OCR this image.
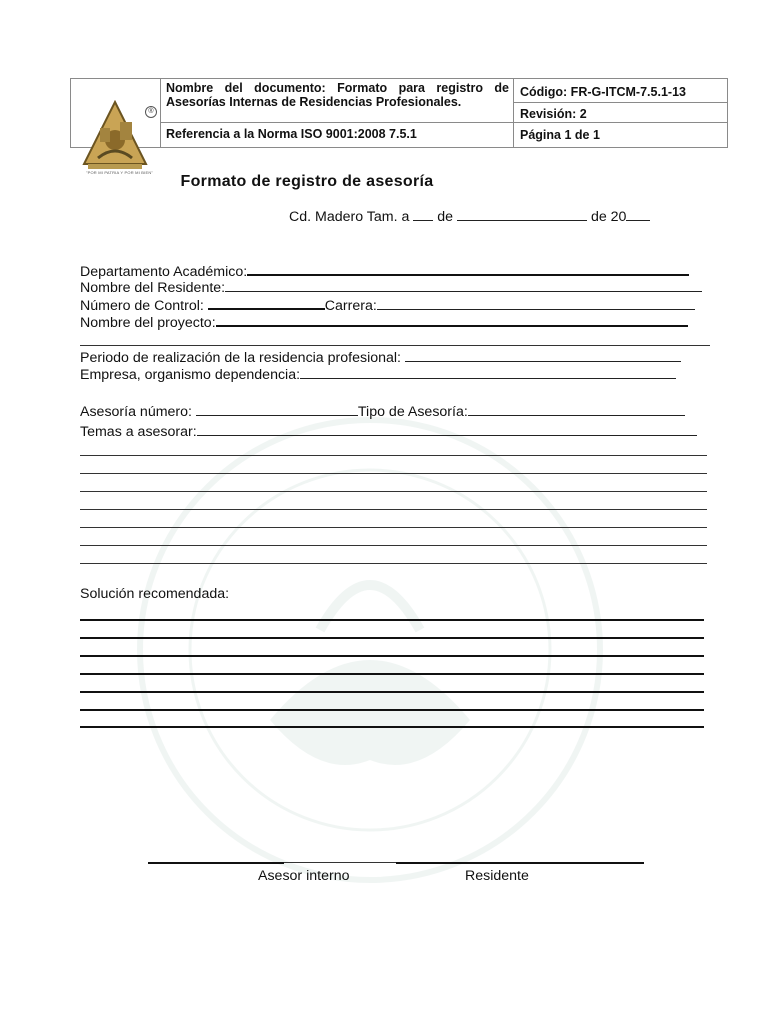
Nombre del documento: Formato para registro de Asesorías Internas de Residencias Profesionales.
Referencia a la Norma ISO 9001:2008 7.5.1
Código: FR-G-ITCM-7.5.1-13
Revisión: 2
Página 1 de 1
®
"POR MI PATRIA Y POR MI BIEN"
Formato de registro de asesoría
Cd. Madero Tam. a  de	de 20
Departamento Académico:
Nombre del Residente:
Número de Control:	Carrera:
Nombre del proyecto:
Periodo de realización de la residencia profesional:
Empresa, organismo dependencia:
Asesoría número:	Tipo de Asesoría:
Temas a asesorar:
Solución recomendada:
Asesor interno	Residente
